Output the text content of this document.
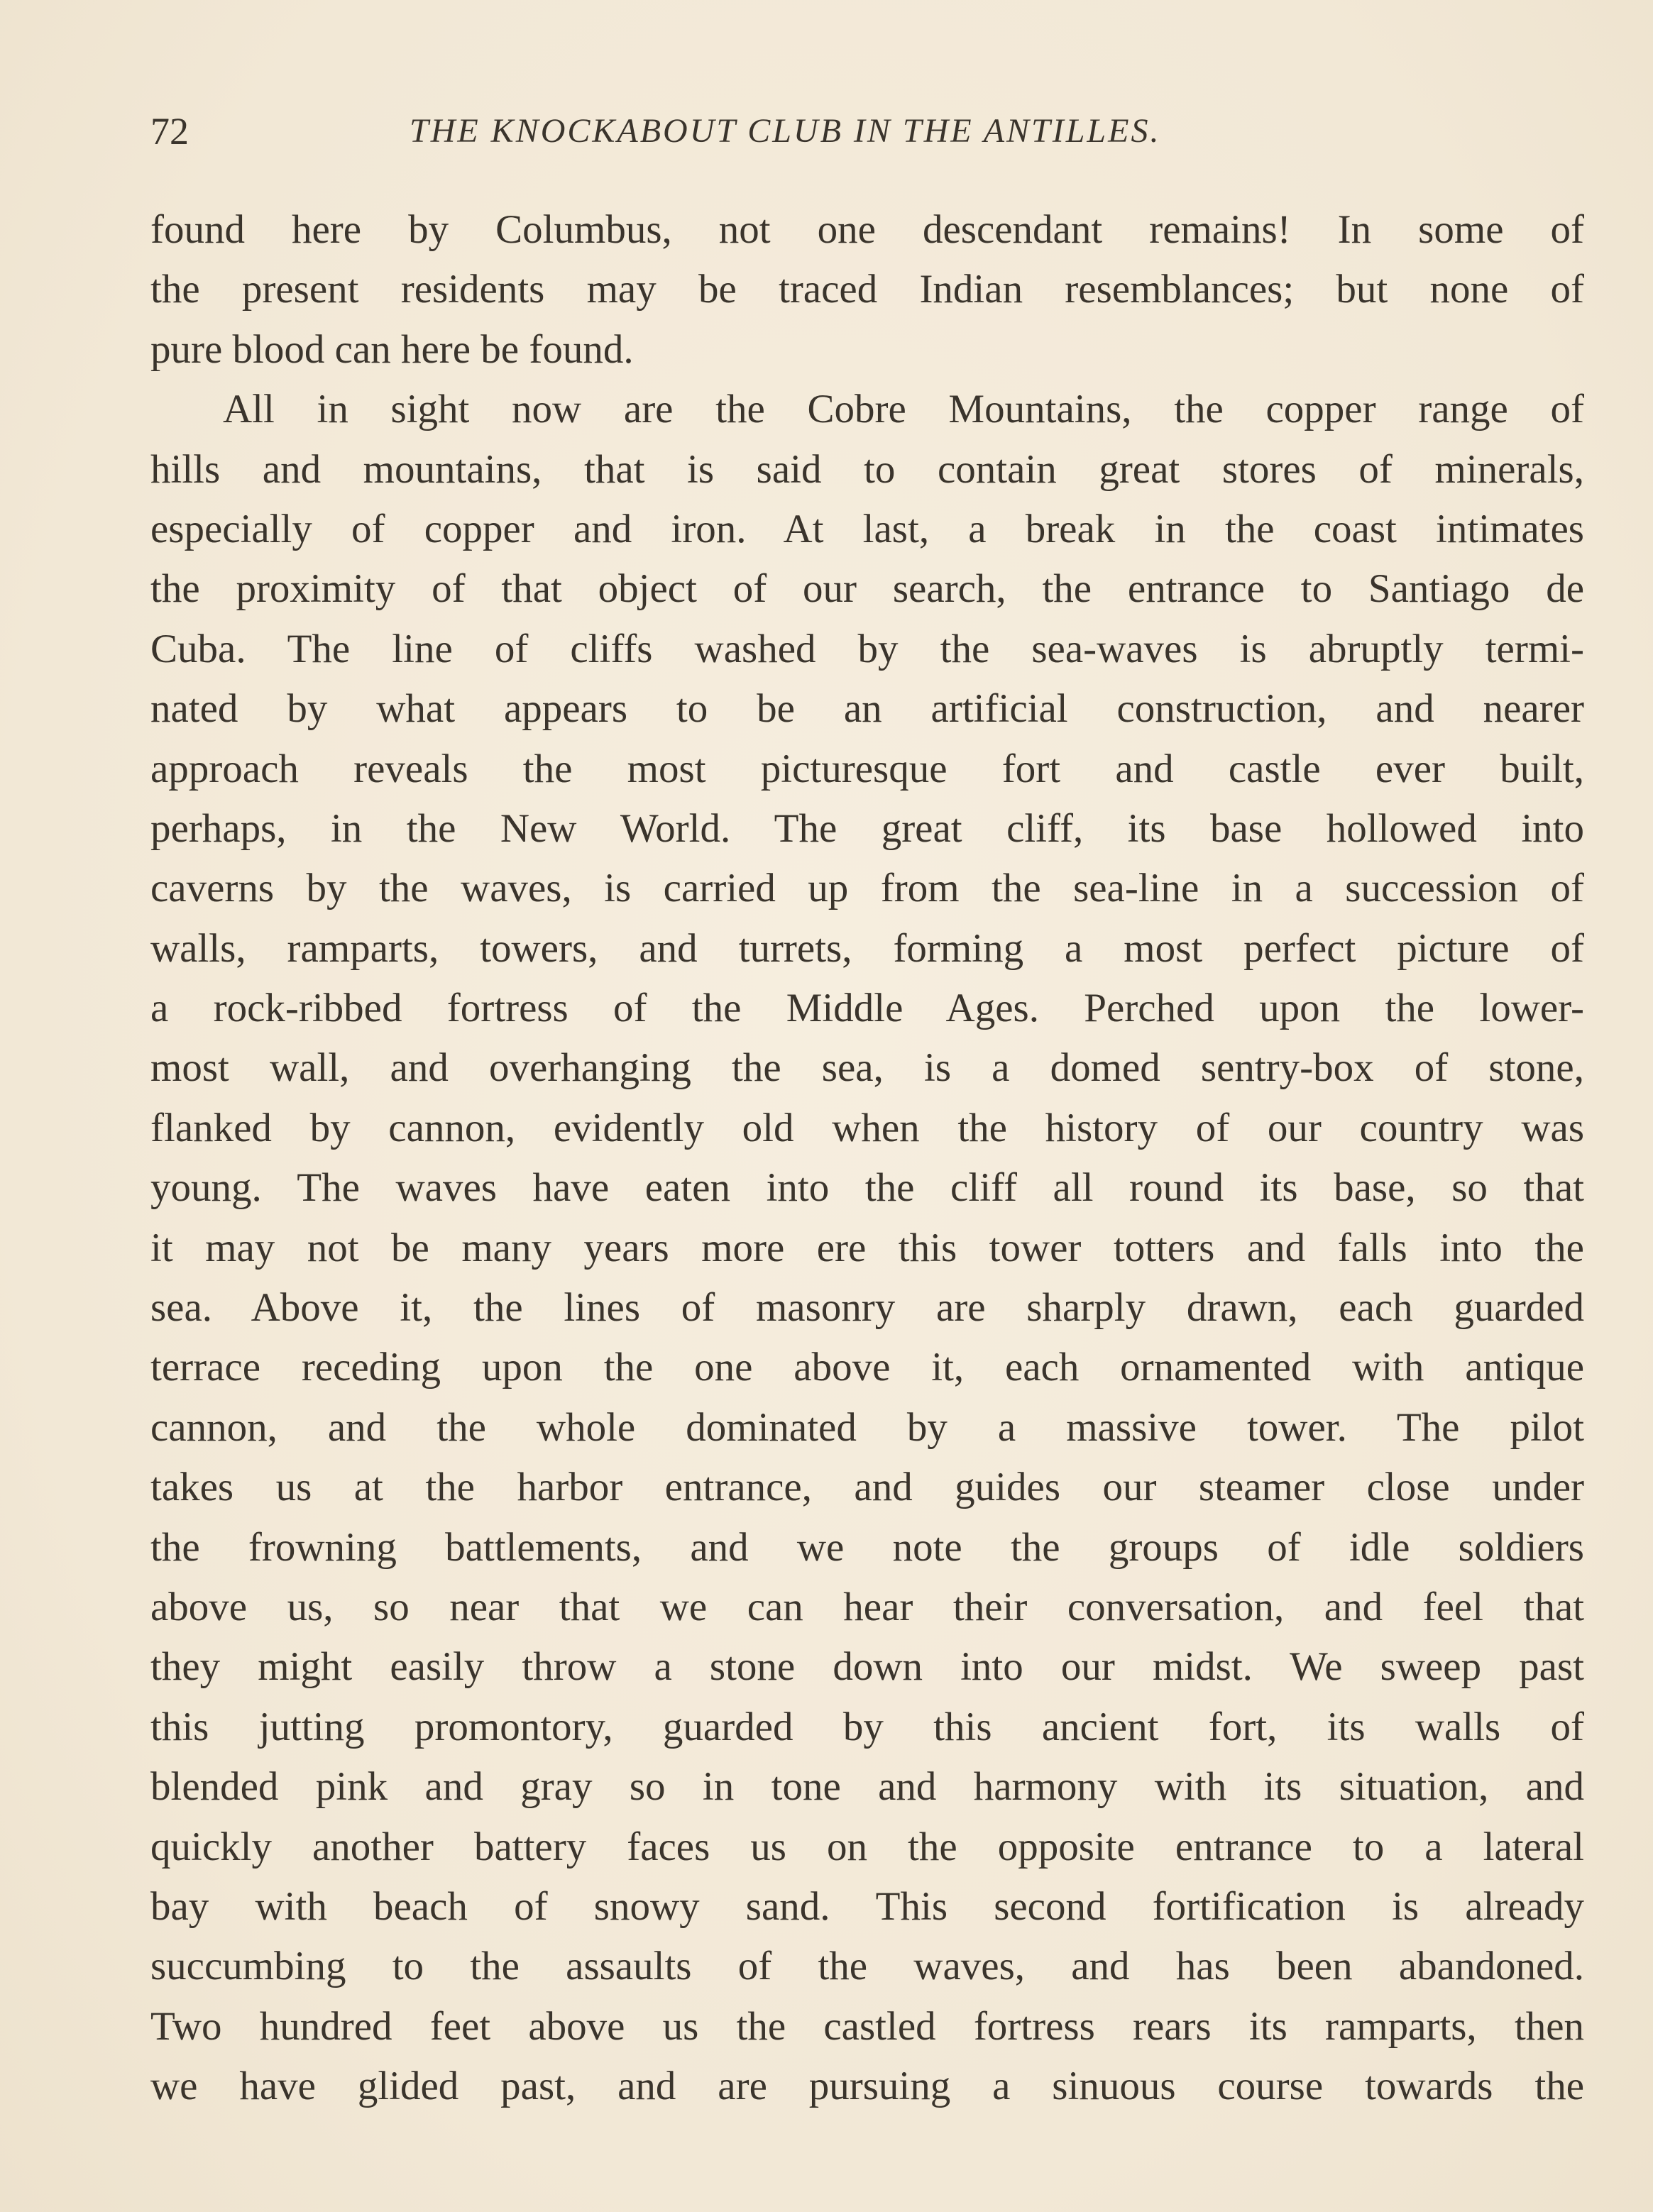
72	THE KNOCKABOUT CLUB IN THE ANTILLES.
found here by Columbus, not one descendant remains! In some of
the present residents may be traced Indian resemblances; but none of
pure blood can here be found.
All in sight now are the Cobre Mountains, the copper range of
hills and mountains, that is said to contain great stores of minerals,
especially of copper and iron. At last, a break in the coast intimates
the proximity of that object of our search, the entrance to Santiago de
Cuba. The line of cliffs washed by the sea-waves is abruptly termi-
nated by what appears to be an artificial construction, and nearer
approach reveals the most picturesque fort and castle ever built,
perhaps, in the New World. The great cliff, its base hollowed into
caverns by the waves, is carried up from the sea-line in a succession of
walls, ramparts, towers, and turrets, forming a most perfect picture of
a rock-ribbed fortress of the Middle Ages. Perched upon the lower-
most wall, and overhanging the sea, is a domed sentry-box of stone,
flanked by cannon, evidently old when the history of our country was
young. The waves have eaten into the cliff all round its base, so that
it may not be many years more ere this tower totters and falls into the
sea. Above it, the lines of masonry are sharply drawn, each guarded
terrace receding upon the one above it, each ornamented with antique
cannon, and the whole dominated by a massive tower. The pilot
takes us at the harbor entrance, and guides our steamer close under
the frowning battlements, and we note the groups of idle soldiers
above us, so near that we can hear their conversation, and feel that
they might easily throw a stone down into our midst. We sweep past
this jutting promontory, guarded by this ancient fort, its walls of
blended pink and gray so in tone and harmony with its situation, and
quickly another battery faces us on the opposite entrance to a lateral
bay with beach of snowy sand. This second fortification is already
succumbing to the assaults of the waves, and has been abandoned.
Two hundred feet above us the castled fortress rears its ramparts, then
we have glided past, and are pursuing a sinuous course towards the
